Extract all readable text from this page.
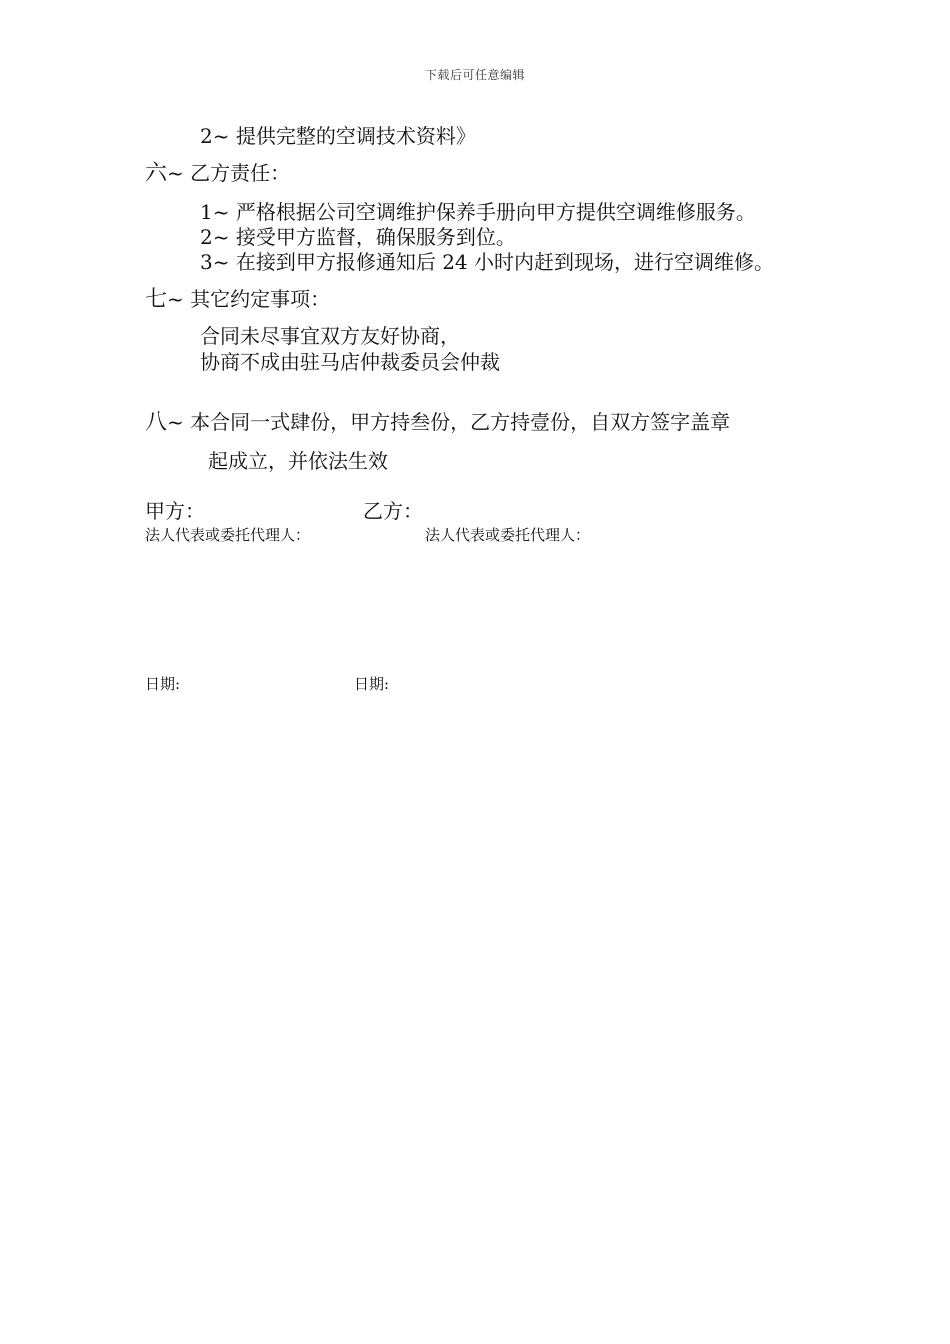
下载后可任意编辑
2~ 提供完整的空调技术资料》
六~ 乙方责任：
1~ 严格根据公司空调维护保养手册向甲方提供空调维修服务。
2~ 接受甲方监督，确保服务到位。
3~ 在接到甲方报修通知后 24 小时内赶到现场，进行空调维修。
七~ 其它约定事项：
合同未尽事宜双方友好协商，
协商不成由驻马店仲裁委员会仲裁
八~ 本合同一式肆份，甲方持叁份，乙方持壹份，自双方签字盖章
起成立，并依法生效
甲方：	乙方：
法人代表或委托代理人：	法人代表或委托代理人：
日期:	日期:
